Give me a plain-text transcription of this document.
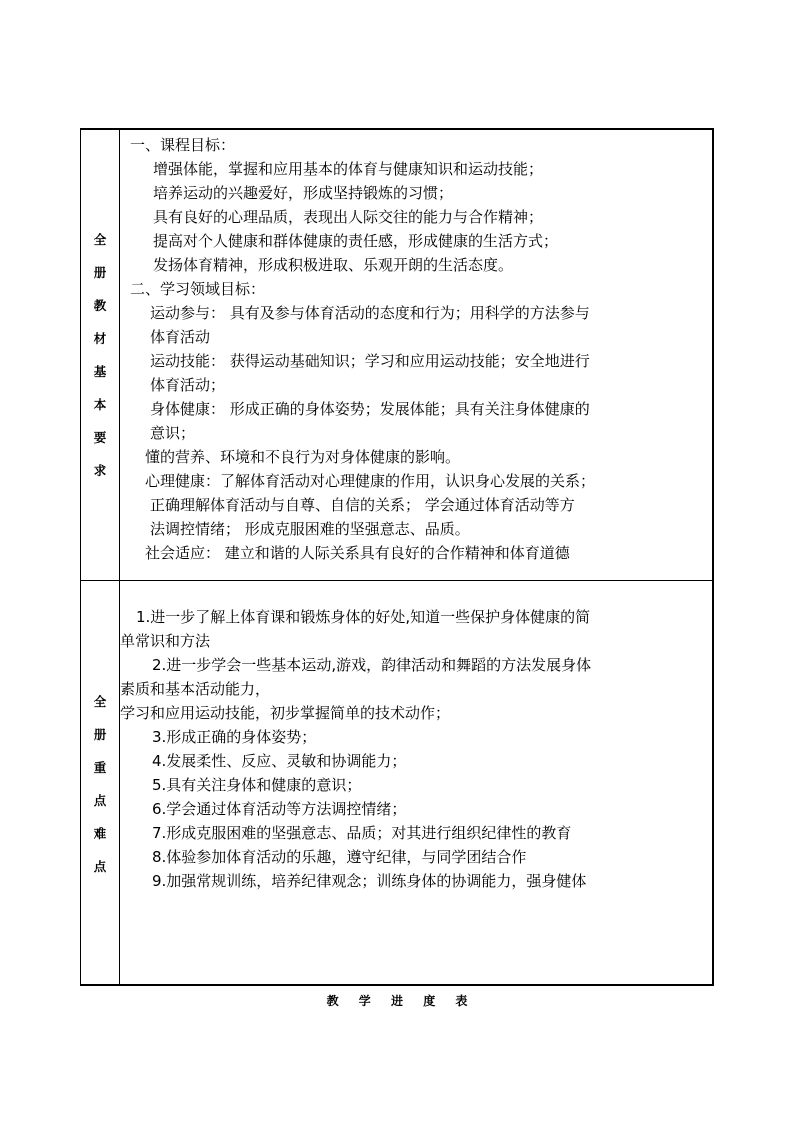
全
册
教
材
基
本
要
求
一、课程目标：
增强体能，掌握和应用基本的体育与健康知识和运动技能；
培养运动的兴趣爱好，形成坚持锻炼的习惯；
具有良好的心理品质，表现出人际交往的能力与合作精神；
提高对个人健康和群体健康的责任感，形成健康的生活方式；
发扬体育精神，形成积极进取、乐观开朗的生活态度。
二、学习领域目标：
运动参与： 具有及参与体育活动的态度和行为；用科学的方法参与
体育活动
运动技能： 获得运动基础知识；学习和应用运动技能；安全地进行
体育活动；
身体健康： 形成正确的身体姿势；发展体能；具有关注身体健康的
意识；
懂的营养、环境和不良行为对身体健康的影响。
心理健康：了解体育活动对心理健康的作用，认识身心发展的关系；
正确理解体育活动与自尊、自信的关系； 学会通过体育活动等方
法调控情绪； 形成克服困难的坚强意志、品质。
社会适应： 建立和谐的人际关系具有良好的合作精神和体育道德
全
册
重
点
难
点
1.进一步了解上体育课和锻炼身体的好处,知道一些保护身体健康的简
单常识和方法
2.进一步学会一些基本运动,游戏，韵律活动和舞蹈的方法发展身体
素质和基本活动能力，
学习和应用运动技能，初步掌握简单的技术动作；
3.形成正确的身体姿势；
4.发展柔性、反应、灵敏和协调能力；
5.具有关注身体和健康的意识；
6.学会通过体育活动等方法调控情绪；
7.形成克服困难的坚强意志、品质；对其进行组织纪律性的教育
8.体验参加体育活动的乐趣，遵守纪律，与同学团结合作
9.加强常规训练，培养纪律观念；训练身体的协调能力，强身健体
教 学 进 度 表
